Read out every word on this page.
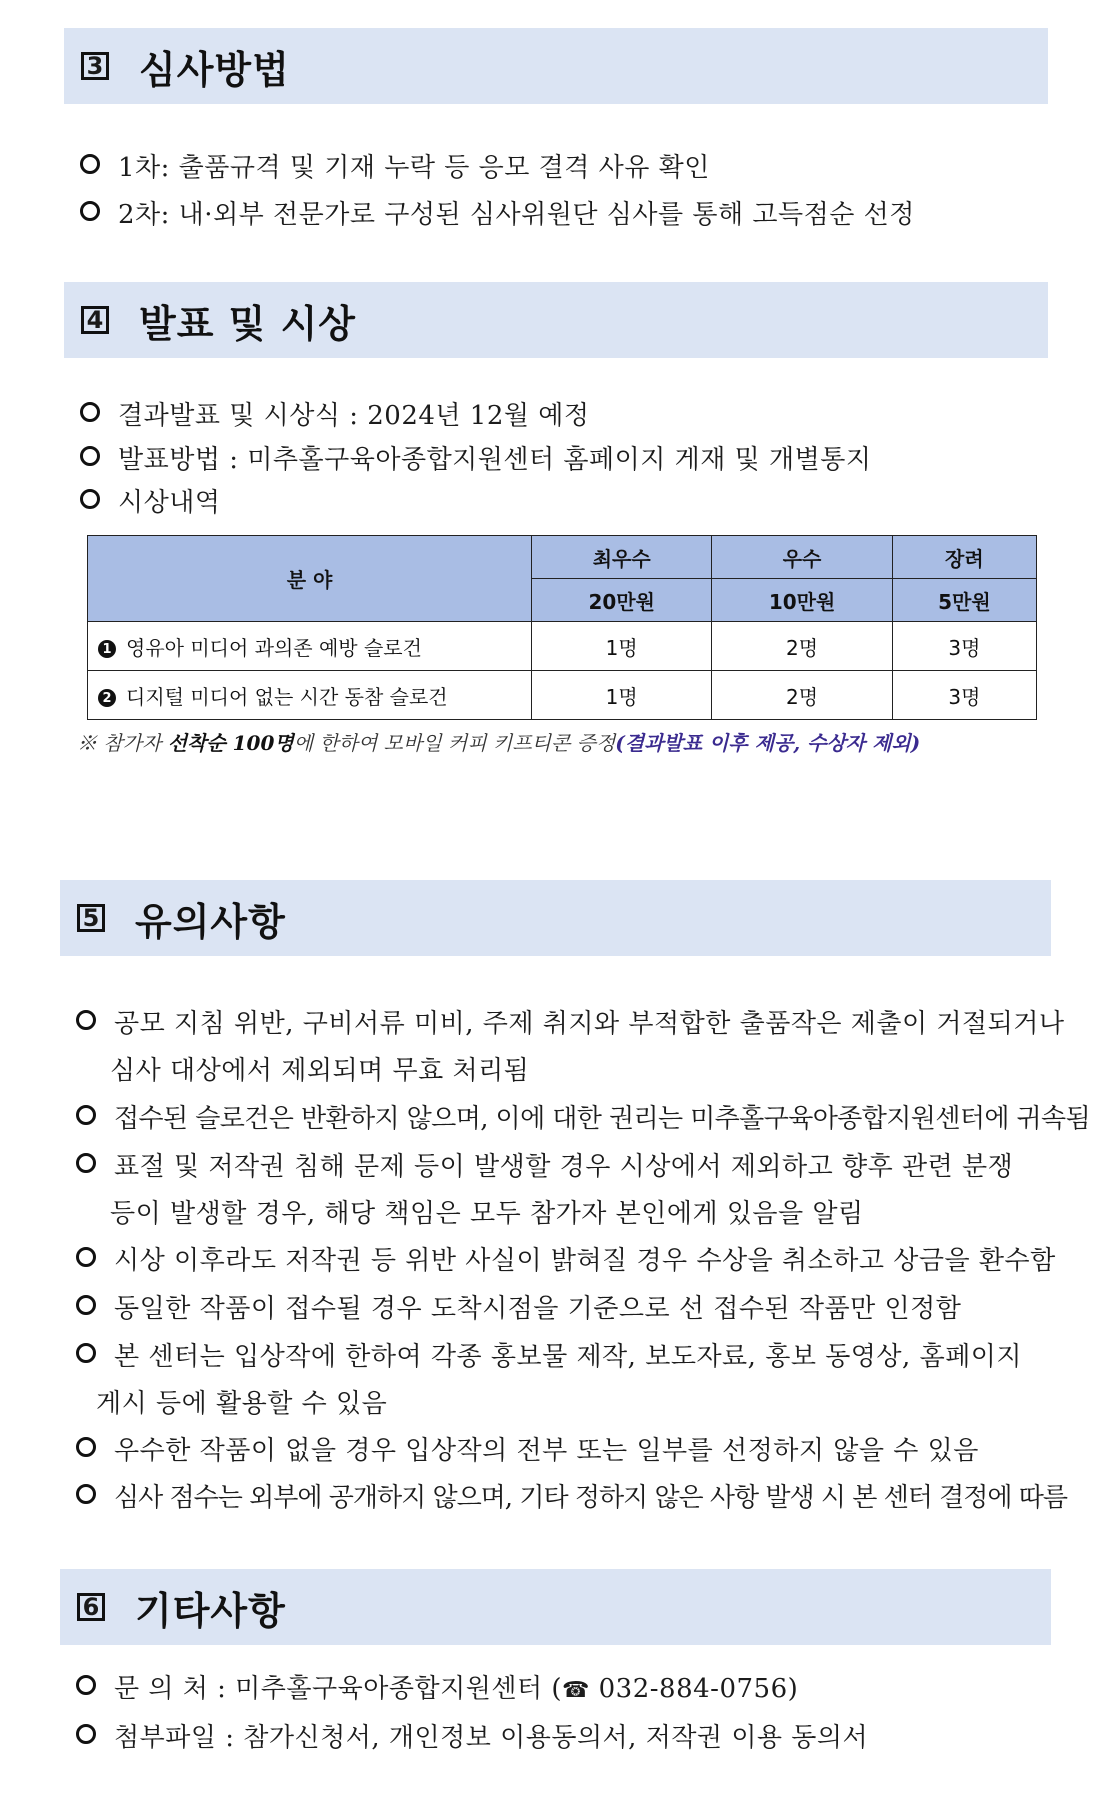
3 심사방법
1차: 출품규격 및 기재 누락 등 응모 결격 사유 확인
2차: 내·외부 전문가로 구성된 심사위원단 심사를 통해 고득점순 선정
4 발표 및 시상
결과발표 및 시상식 : 2024년 12월 예정
발표방법 : 미추홀구육아종합지원센터 홈페이지 게재 및 개별통지
시상내역
분 야	최우수	우수	장려
	20만원	10만원	5만원
1 영유아 미디어 과의존 예방 슬로건	1명	2명	3명
2 디지털 미디어 없는 시간 동참 슬로건	1명	2명	3명
※ 참가자 선착순 100명에 한하여 모바일 커피 키프티콘 증정(결과발표 이후 제공, 수상자 제외)
5 유의사항
공모 지침 위반, 구비서류 미비, 주제 취지와 부적합한 출품작은 제출이 거절되거나
심사 대상에서 제외되며 무효 처리됨
접수된 슬로건은 반환하지 않으며, 이에 대한 권리는 미추홀구육아종합지원센터에 귀속됨
표절 및 저작권 침해 문제 등이 발생할 경우 시상에서 제외하고 향후 관련 분쟁
등이 발생할 경우, 해당 책임은 모두 참가자 본인에게 있음을 알림
시상 이후라도 저작권 등 위반 사실이 밝혀질 경우 수상을 취소하고 상금을 환수함
동일한 작품이 접수될 경우 도착시점을 기준으로 선 접수된 작품만 인정함
본 센터는 입상작에 한하여 각종 홍보물 제작, 보도자료, 홍보 동영상, 홈페이지
게시 등에 활용할 수 있음
우수한 작품이 없을 경우 입상작의 전부 또는 일부를 선정하지 않을 수 있음
심사 점수는 외부에 공개하지 않으며, 기타 정하지 않은 사항 발생 시 본 센터 결정에 따름
6 기타사항
문 의 처 : 미추홀구육아종합지원센터 (☎ 032-884-0756)
첨부파일 : 참가신청서, 개인정보 이용동의서, 저작권 이용 동의서
